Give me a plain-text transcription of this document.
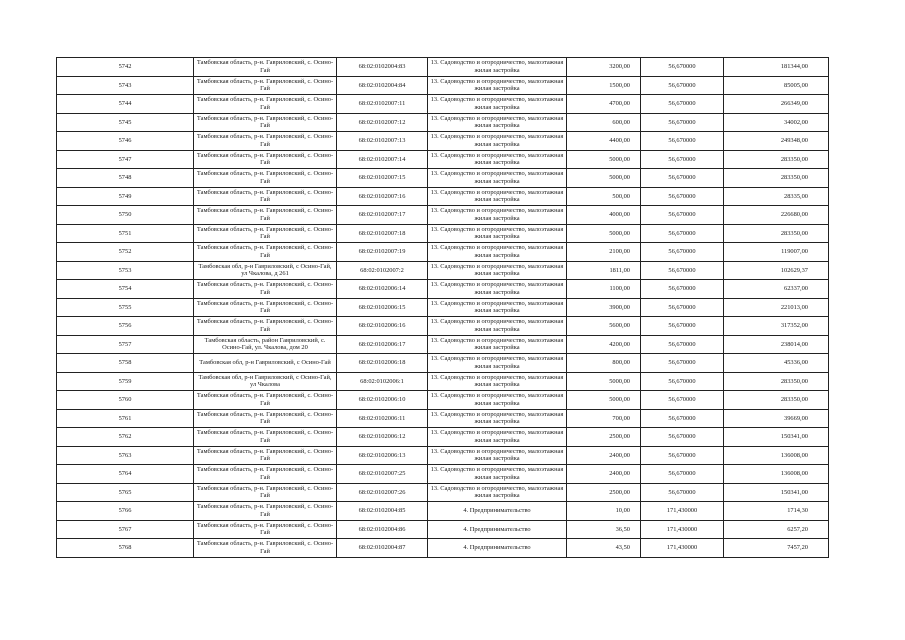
5742	Тамбовская область, р-н. Гавриловский, с. Осино-Гай	68:02:0102004:83	13. Садоводство и огородничество, малоэтажная жилая застройка	3200,00	56,670000	181344,00
5743	Тамбовская область, р-н. Гавриловский, с. Осино-Гай	68:02:0102004:84	13. Садоводство и огородничество, малоэтажная жилая застройка	1500,00	56,670000	85005,00
5744	Тамбовская область, р-н. Гавриловский, с. Осино-Гай	68:02:0102007:11	13. Садоводство и огородничество, малоэтажная жилая застройка	4700,00	56,670000	266349,00
5745	Тамбовская область, р-н. Гавриловский, с. Осино-Гай	68:02:0102007:12	13. Садоводство и огородничество, малоэтажная жилая застройка	600,00	56,670000	34002,00
5746	Тамбовская область, р-н. Гавриловский, с. Осино-Гай	68:02:0102007:13	13. Садоводство и огородничество, малоэтажная жилая застройка	4400,00	56,670000	249348,00
5747	Тамбовская область, р-н. Гавриловский, с. Осино-Гай	68:02:0102007:14	13. Садоводство и огородничество, малоэтажная жилая застройка	5000,00	56,670000	283350,00
5748	Тамбовская область, р-н. Гавриловский, с. Осино-Гай	68:02:0102007:15	13. Садоводство и огородничество, малоэтажная жилая застройка	5000,00	56,670000	283350,00
5749	Тамбовская область, р-н. Гавриловский, с. Осино-Гай	68:02:0102007:16	13. Садоводство и огородничество, малоэтажная жилая застройка	500,00	56,670000	28335,00
5750	Тамбовская область, р-н. Гавриловский, с. Осино-Гай	68:02:0102007:17	13. Садоводство и огородничество, малоэтажная жилая застройка	4000,00	56,670000	226680,00
5751	Тамбовская область, р-н. Гавриловский, с. Осино-Гай	68:02:0102007:18	13. Садоводство и огородничество, малоэтажная жилая застройка	5000,00	56,670000	283350,00
5752	Тамбовская область, р-н. Гавриловский, с. Осино-Гай	68:02:0102007:19	13. Садоводство и огородничество, малоэтажная жилая застройка	2100,00	56,670000	119007,00
5753	Тамбовская обл, р-н Гавриловский, с Осино-Гай, ул Чкалова, д 261	68:02:0102007:2	13. Садоводство и огородничество, малоэтажная жилая застройка	1811,00	56,670000	102629,37
5754	Тамбовская область, р-н. Гавриловский, с. Осино-Гай	68:02:0102006:14	13. Садоводство и огородничество, малоэтажная жилая застройка	1100,00	56,670000	62337,00
5755	Тамбовская область, р-н. Гавриловский, с. Осино-Гай	68:02:0102006:15	13. Садоводство и огородничество, малоэтажная жилая застройка	3900,00	56,670000	221013,00
5756	Тамбовская область, р-н. Гавриловский, с. Осино-Гай	68:02:0102006:16	13. Садоводство и огородничество, малоэтажная жилая застройка	5600,00	56,670000	317352,00
5757	Тамбовская область, район Гавриловский, с. Осино-Гай, ул. Чкалова, дом 20	68:02:0102006:17	13. Садоводство и огородничество, малоэтажная жилая застройка	4200,00	56,670000	238014,00
5758	Тамбовская обл, р-н Гавриловский, с Осино-Гай	68:02:0102006:18	13. Садоводство и огородничество, малоэтажная жилая застройка	800,00	56,670000	45336,00
5759	Тамбовская обл, р-н Гавриловский, с Осино-Гай, ул Чкалова	68:02:0102006:1	13. Садоводство и огородничество, малоэтажная жилая застройка	5000,00	56,670000	283350,00
5760	Тамбовская область, р-н. Гавриловский, с. Осино-Гай	68:02:0102006:10	13. Садоводство и огородничество, малоэтажная жилая застройка	5000,00	56,670000	283350,00
5761	Тамбовская область, р-н. Гавриловский, с. Осино-Гай	68:02:0102006:11	13. Садоводство и огородничество, малоэтажная жилая застройка	700,00	56,670000	39669,00
5762	Тамбовская область, р-н. Гавриловский, с. Осино-Гай	68:02:0102006:12	13. Садоводство и огородничество, малоэтажная жилая застройка	2500,00	56,670000	150341,00
5763	Тамбовская область, р-н. Гавриловский, с. Осино-Гай	68:02:0102006:13	13. Садоводство и огородничество, малоэтажная жилая застройка	2400,00	56,670000	136008,00
5764	Тамбовская область, р-н. Гавриловский, с. Осино-Гай	68:02:0102007:25	13. Садоводство и огородничество, малоэтажная жилая застройка	2400,00	56,670000	136008,00
5765	Тамбовская область, р-н. Гавриловский, с. Осино-Гай	68:02:0102007:26	13. Садоводство и огородничество, малоэтажная жилая застройка	2500,00	56,670000	150341,00
5766	Тамбовская область, р-н. Гавриловский, с. Осино-Гай	68:02:0102004:85	4. Предпринимательство	10,00	171,430000	1714,30
5767	Тамбовская область, р-н. Гавриловский, с. Осино-Гай	68:02:0102004:86	4. Предпринимательство	36,50	171,430000	6257,20
5768	Тамбовская область, р-н. Гавриловский, с. Осино-Гай	68:02:0102004:87	4. Предпринимательство	43,50	171,430000	7457,20
